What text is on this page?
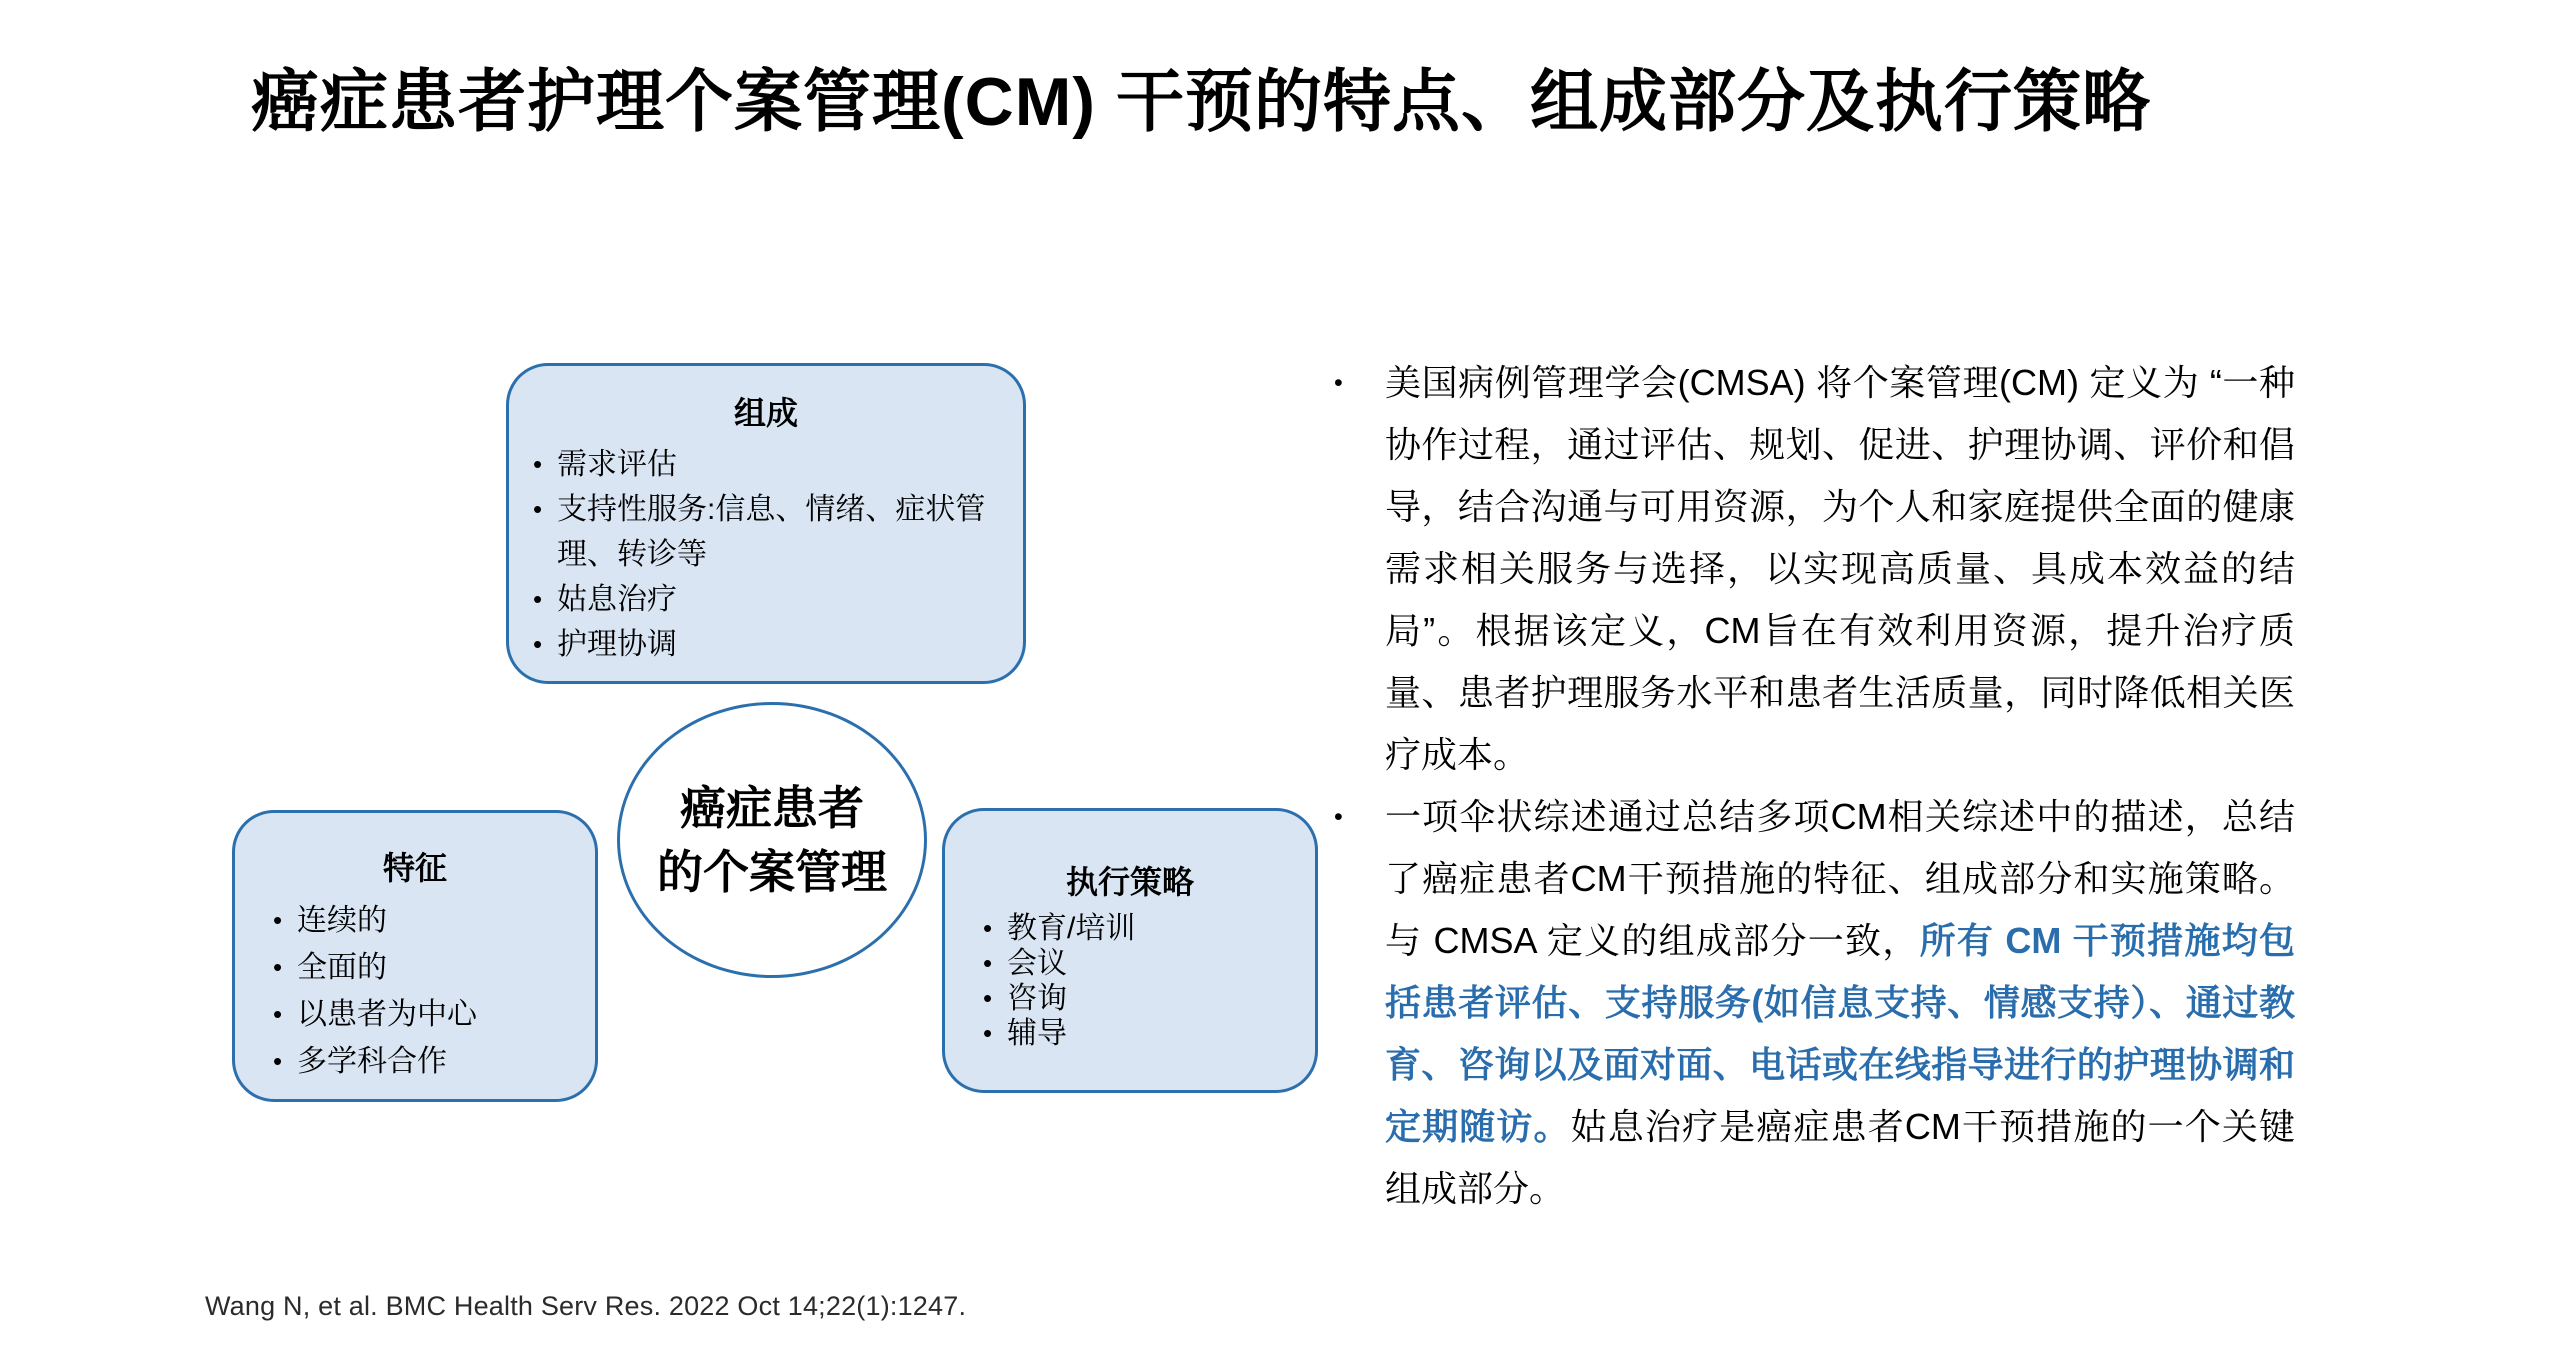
癌症患者护理个案管理(CM) 干预的特点、组成部分及执行策略
组成
• 需求评估
• 支持性服务:信息、情绪、症状管理、转诊等
• 姑息治疗
• 护理协调
癌症患者
的个案管理
特征
• 连续的
• 全面的
• 以患者为中心
• 多学科合作
执行策略
• 教育/培训
• 会议
• 咨询
• 辅导
• 美国病例管理学会(CMSA) 将个案管理(CM) 定义为 “一种协作过程，通过评估、规划、促进、护理协调、评价和倡导，结合沟通与可用资源，为个人和家庭提供全面的健康需求相关服务与选择，以实现高质量、具成本效益的结局”。根据该定义，CM旨在有效利用资源，提升治疗质量、患者护理服务水平和患者生活质量，同时降低相关医疗成本。
• 一项伞状综述通过总结多项CM相关综述中的描述，总结了癌症患者CM干预措施的特征、组成部分和实施策略。与 CMSA 定义的组成部分一致，所有 CM 干预措施均包括患者评估、支持服务(如信息支持、情感支持）、通过教育、咨询以及面对面、电话或在线指导进行的护理协调和定期随访。姑息治疗是癌症患者CM干预措施的一个关键组成部分。
Wang N, et al. BMC Health Serv Res. 2022 Oct 14;22(1):1247.
